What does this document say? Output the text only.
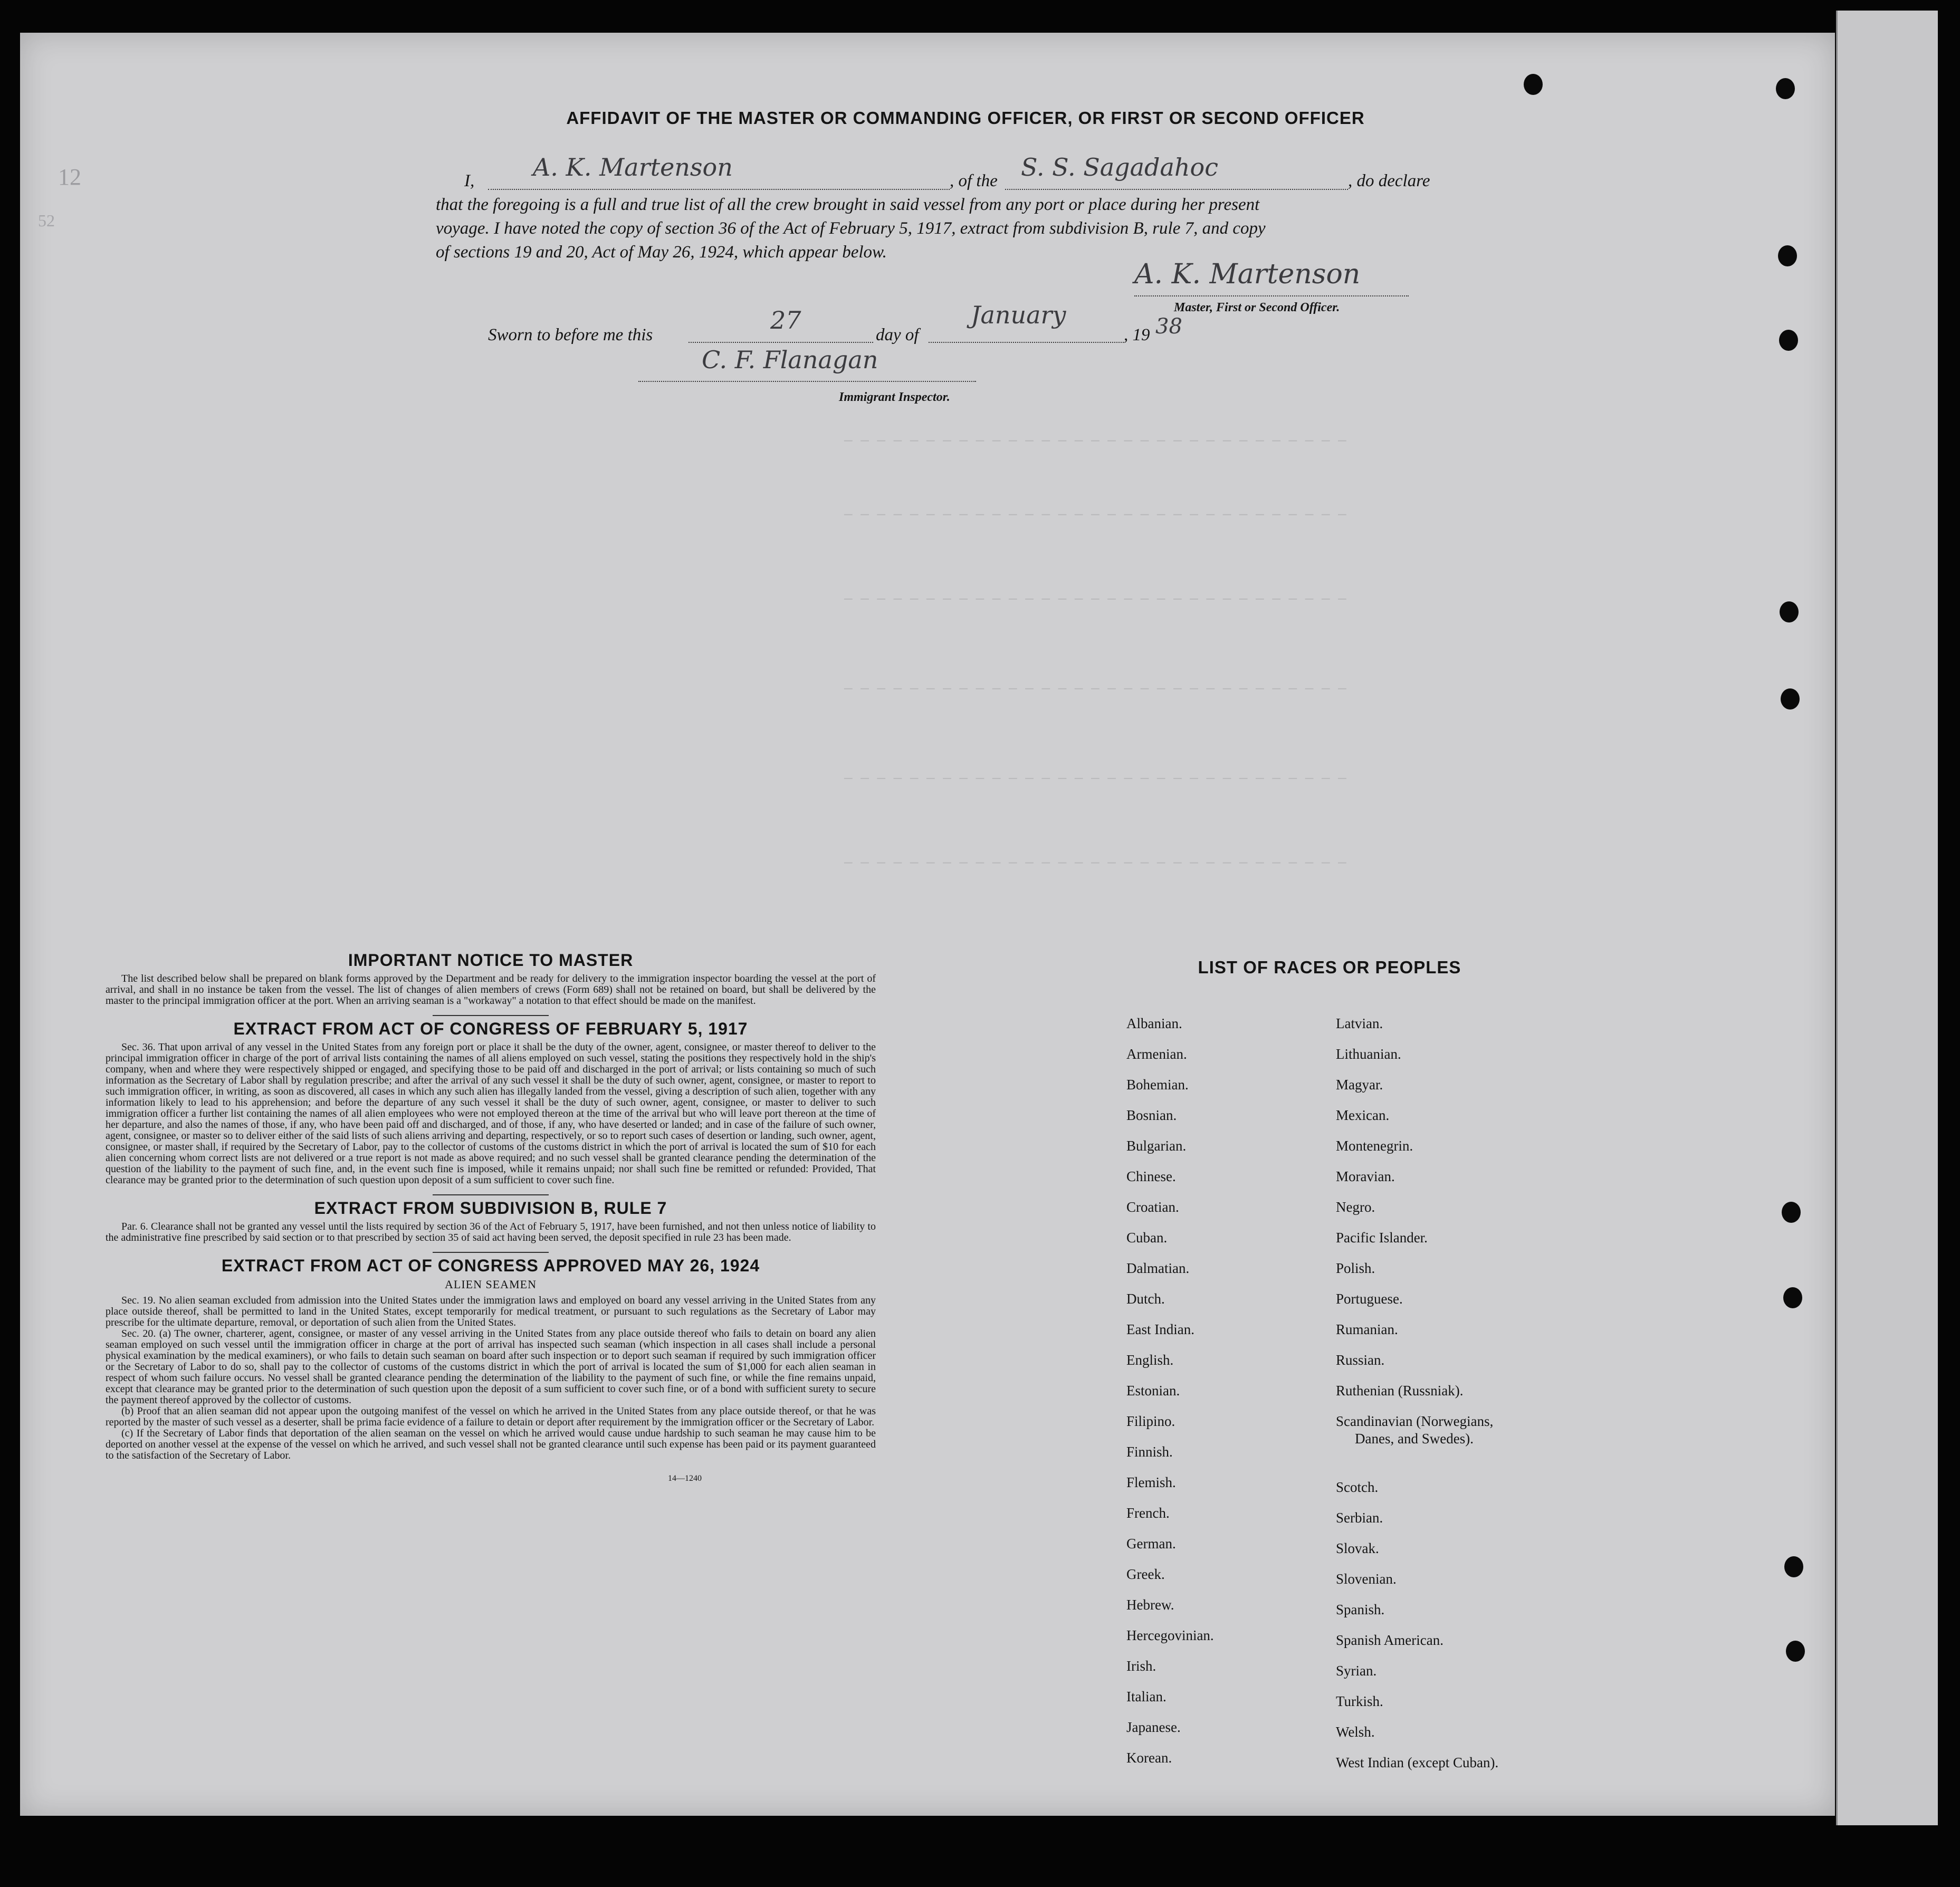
12
52
— — — — — — — — — — — — — — — — — — — — — — — — — — — — — — —
— — — — — — — — — — — — — — — — — — — — — — — — — — — — — — —
— — — — — — — — — — — — — — — — — — — — — — — — — — — — — — —
— — — — — — — — — — — — — — — — — — — — — — — — — — — — — — —
— — — — — — — — — — — — — — — — — — — — — — — — — — — — — — —
— — — — — — — — — — — — — — — — — — — — — — — — — — — — — — —
AFFIDAVIT OF THE MASTER OR COMMANDING OFFICER, OR FIRST OR SECOND OFFICER
I, A. K. Martenson	, of the S. S. Sagadahoc	, do declare
that the foregoing is a full and true list of all the crew brought in said vessel from any port or place during her present
voyage. I have noted the copy of section 36 of the Act of February 5, 1917, extract from subdivision B, rule 7, and copy
of sections 19 and 20, Act of May 26, 1924, which appear below.
A. K. Martenson
Master, First or Second Officer.
Sworn to before me this
27
day of
January
, 19 38
C. F. Flanagan
Immigrant Inspector.
IMPORTANT NOTICE TO MASTER

The list described below shall be prepared on blank forms approved by the Department and be ready for delivery to the immigration inspector boarding the vessel at the port of arrival, and shall in no instance be taken from the vessel. The list of changes of alien members of crews (Form 689) shall not be retained on board, but shall be delivered by the master to the principal immigration officer at the port. When an arriving seaman is a "workaway" a notation to that effect should be made on the manifest.

EXTRACT FROM ACT OF CONGRESS OF FEBRUARY 5, 1917

Sec. 36. That upon arrival of any vessel in the United States from any foreign port or place it shall be the duty of the owner, agent, consignee, or master thereof to deliver to the principal immigration officer in charge of the port of arrival lists containing the names of all aliens employed on such vessel, stating the positions they respectively hold in the ship's company, when and where they were respectively shipped or engaged, and specifying those to be paid off and discharged in the port of arrival; or lists containing so much of such information as the Secretary of Labor shall by regulation prescribe; and after the arrival of any such vessel it shall be the duty of such owner, agent, consignee, or master to report to such immigration officer, in writing, as soon as discovered, all cases in which any such alien has illegally landed from the vessel, giving a description of such alien, together with any information likely to lead to his apprehension; and before the departure of any such vessel it shall be the duty of such owner, agent, consignee, or master to deliver to such immigration officer a further list containing the names of all alien employees who were not employed thereon at the time of the arrival but who will leave port thereon at the time of her departure, and also the names of those, if any, who have been paid off and discharged, and of those, if any, who have deserted or landed; and in case of the failure of such owner, agent, consignee, or master so to deliver either of the said lists of such aliens arriving and departing, respectively, or so to report such cases of desertion or landing, such owner, agent, consignee, or master shall, if required by the Secretary of Labor, pay to the collector of customs of the customs district in which the port of arrival is located the sum of $10 for each alien concerning whom correct lists are not delivered or a true report is not made as above required; and no such vessel shall be granted clearance pending the determination of the question of the liability to the payment of such fine, and, in the event such fine is imposed, while it remains unpaid; nor shall such fine be remitted or refunded: Provided, That clearance may be granted prior to the determination of such question upon deposit of a sum sufficient to cover such fine.

EXTRACT FROM SUBDIVISION B, RULE 7

Par. 6. Clearance shall not be granted any vessel until the lists required by section 36 of the Act of February 5, 1917, have been furnished, and not then unless notice of liability to the administrative fine prescribed by said section or to that prescribed by section 35 of said act having been served, the deposit specified in rule 23 has been made.

EXTRACT FROM ACT OF CONGRESS APPROVED MAY 26, 1924
ALIEN SEAMEN

Sec. 19. No alien seaman excluded from admission into the United States under the immigration laws and employed on board any vessel arriving in the United States from any place outside thereof, shall be permitted to land in the United States, except temporarily for medical treatment, or pursuant to such regulations as the Secretary of Labor may prescribe for the ultimate departure, removal, or deportation of such alien from the United States.

Sec. 20. (a) The owner, charterer, agent, consignee, or master of any vessel arriving in the United States from any place outside thereof who fails to detain on board any alien seaman employed on such vessel until the immigration officer in charge at the port of arrival has inspected such seaman (which inspection in all cases shall include a personal physical examination by the medical examiners), or who fails to detain such seaman on board after such inspection or to deport such seaman if required by such immigration officer or the Secretary of Labor to do so, shall pay to the collector of customs of the customs district in which the port of arrival is located the sum of $1,000 for each alien seaman in respect of whom such failure occurs. No vessel shall be granted clearance pending the determination of the liability to the payment of such fine, or while the fine remains unpaid, except that clearance may be granted prior to the determination of such question upon the deposit of a sum sufficient to cover such fine, or of a bond with sufficient surety to secure the payment thereof approved by the collector of customs.

(b) Proof that an alien seaman did not appear upon the outgoing manifest of the vessel on which he arrived in the United States from any place outside thereof, or that he was reported by the master of such vessel as a deserter, shall be prima facie evidence of a failure to detain or deport after requirement by the immigration officer or the Secretary of Labor.

(c) If the Secretary of Labor finds that deportation of the alien seaman on the vessel on which he arrived would cause undue hardship to such seaman he may cause him to be deported on another vessel at the expense of the vessel on which he arrived, and such vessel shall not be granted clearance until such expense has been paid or its payment guaranteed to the satisfaction of the Secretary of Labor.

14—1240
LIST OF RACES OR PEOPLES
Albanian.
Armenian.
Bohemian.
Bosnian.
Bulgarian.
Chinese.
Croatian.
Cuban.
Dalmatian.
Dutch.
East Indian.
English.
Estonian.
Filipino.
Finnish.
Flemish.
French.
German.
Greek.
Hebrew.
Hercegovinian.
Irish.
Italian.
Japanese.
Korean.
Latvian.
Lithuanian.
Magyar.
Mexican.
Montenegrin.
Moravian.
Negro.
Pacific Islander.
Polish.
Portuguese.
Rumanian.
Russian.
Ruthenian (Russniak).
Scandinavian (Norwegians,
Danes, and Swedes).
Scotch.
Serbian.
Slovak.
Slovenian.
Spanish.
Spanish American.
Syrian.
Turkish.
Welsh.
West Indian (except Cuban).
